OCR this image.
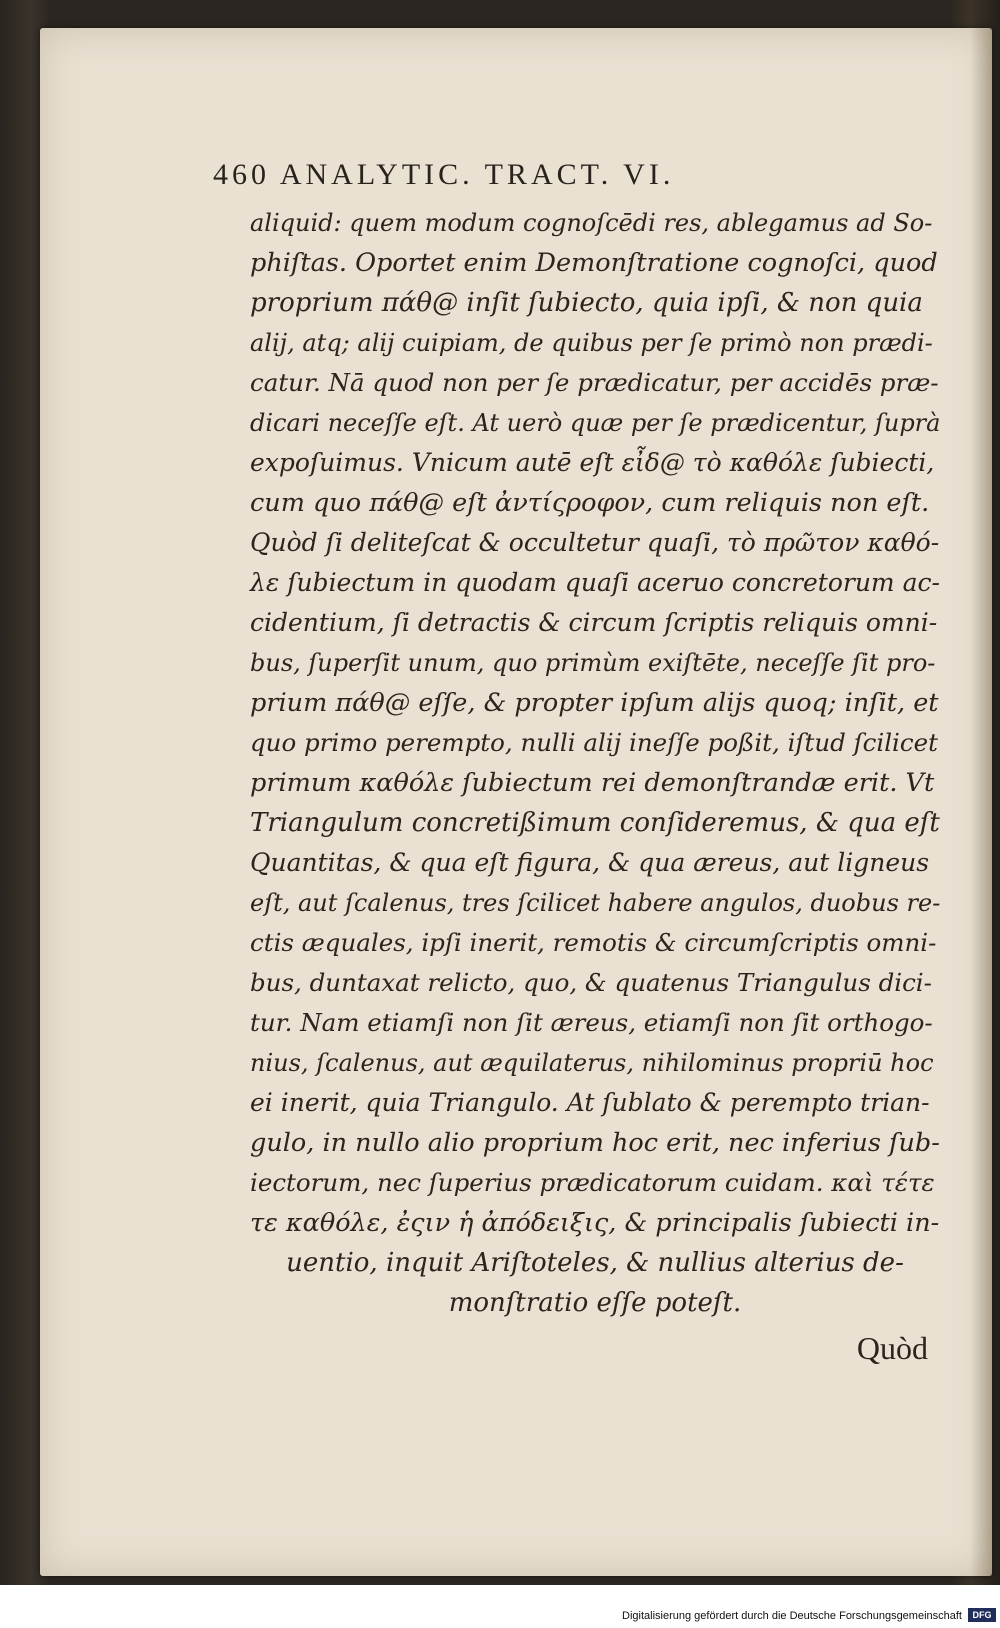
460 ANALYTIC. TRACT. VI.
aliquid: quem modum cognoſcēdi res, ablegamus ad So-
phiſtas. Oportet enim Demonſtratione cognoſci, quod
proprium πάθ@ inſit ſubiecto, quia ipſi, & non quia
alij, atq; alij cuipiam, de quibus per ſe primò non prædi-
catur. Nā quod non per ſe prædicatur, per accidēs præ-
dicari neceſſe eſt. At uerò quæ per ſe prædicentur, ſuprà
expoſuimus. Vnicum autē eſt εἶδ@ τὸ καθόλε ſubiecti,
cum quo πάθ@ eſt ἀντίςροφον, cum reliquis non eſt.
Quòd ſi deliteſcat & occultetur quaſi, τὸ πρῶτον καθό-
λε ſubiectum in quodam quaſi aceruo concretorum ac-
cidentium, ſi detractis & circum ſcriptis reliquis omni-
bus, ſuperſit unum, quo primùm exiſtēte, neceſſe ſit pro-
prium πάθ@ eſſe, & propter ipſum alijs quoq; inſit, et
quo primo perempto, nulli alij ineſſe poßit, iſtud ſcilicet
primum καθόλε ſubiectum rei demonſtrandæ erit. Vt
Triangulum concretißimum conſideremus, & qua eſt
Quantitas, & qua eſt figura, & qua æreus, aut ligneus
eſt, aut ſcalenus, tres ſcilicet habere angulos, duobus re-
ctis æquales, ipſi inerit, remotis & circumſcriptis omni-
bus, duntaxat relicto, quo, & quatenus Triangulus dici-
tur. Nam etiamſi non ſit æreus, etiamſi non ſit orthogo-
nius, ſcalenus, aut æquilaterus, nihilominus propriū hoc
ei inerit, quia Triangulo. At ſublato & perempto trian-
gulo, in nullo alio proprium hoc erit, nec inferius ſub-
iectorum, nec ſuperius prædicatorum cuidam. καὶ τέτε
τε καθόλε, ἐςιν ἡ ἀπόδειξις, & principalis ſubiecti in-
uentio, inquit Ariſtoteles, & nullius alterius de-
monſtratio eſſe poteſt.
Quòd
Digitalisierung gefördert durch die Deutsche Forschungsgemeinschaft	DFG
